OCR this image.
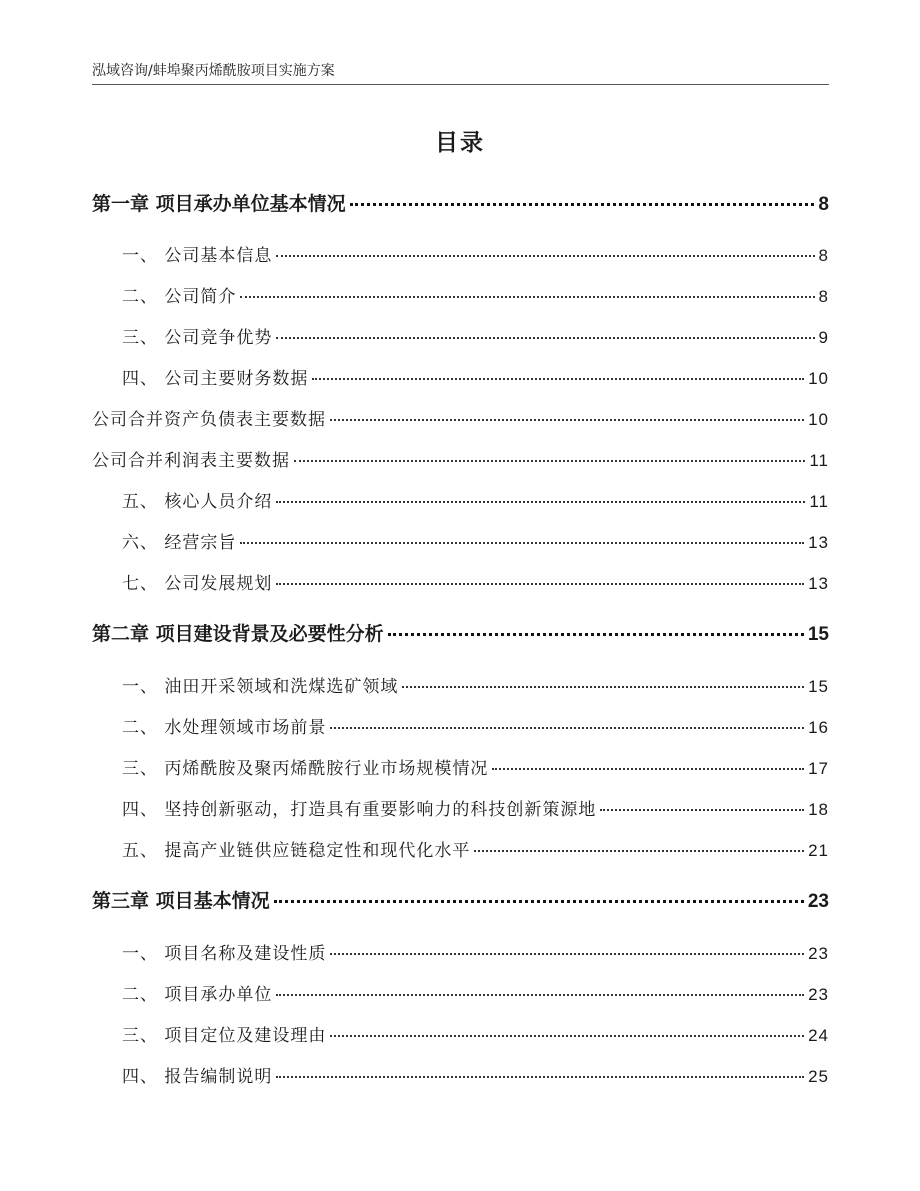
泓域咨询/蚌埠聚丙烯酰胺项目实施方案
目录
第一章 项目承办单位基本情况	8
一、 公司基本信息	8
二、 公司简介	8
三、 公司竞争优势	9
四、 公司主要财务数据	10
公司合并资产负债表主要数据	10
公司合并利润表主要数据	11
五、 核心人员介绍	11
六、 经营宗旨	13
七、 公司发展规划	13
第二章 项目建设背景及必要性分析	15
一、 油田开采领域和洗煤选矿领域	15
二、 水处理领域市场前景	16
三、 丙烯酰胺及聚丙烯酰胺行业市场规模情况	17
四、 坚持创新驱动，打造具有重要影响力的科技创新策源地	18
五、 提高产业链供应链稳定性和现代化水平	21
第三章 项目基本情况	23
一、 项目名称及建设性质	23
二、 项目承办单位	23
三、 项目定位及建设理由	24
四、 报告编制说明	25
